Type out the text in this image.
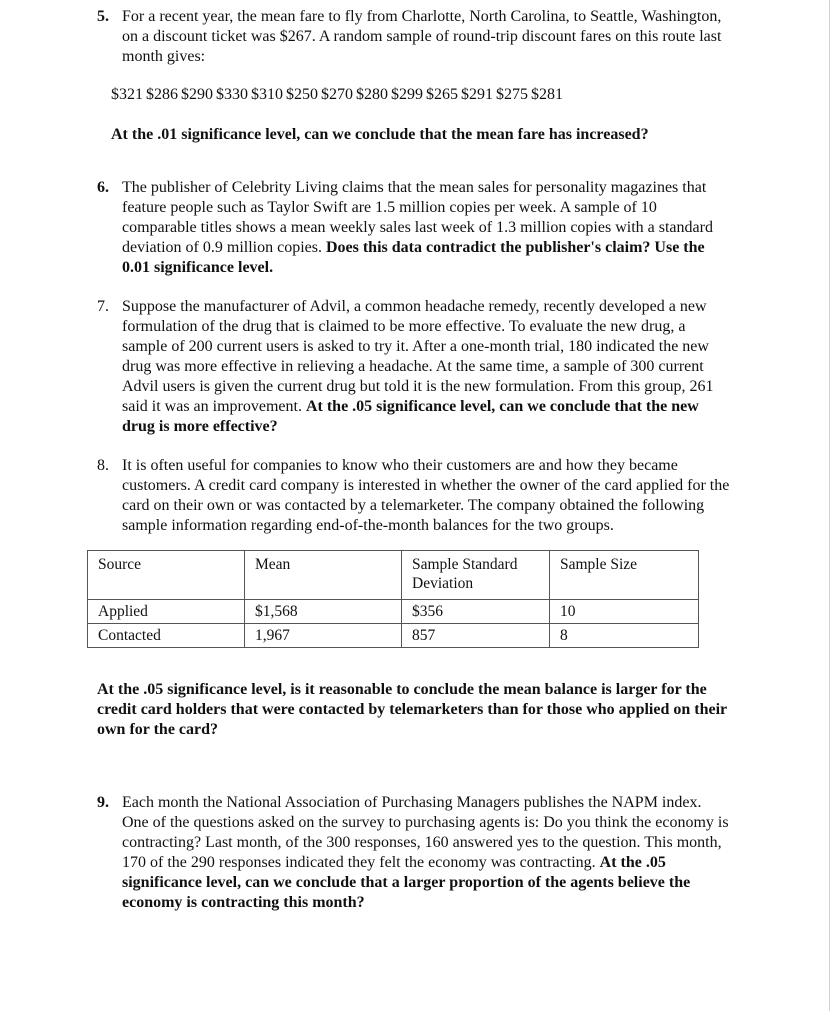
5. For a recent year, the mean fare to fly from Charlotte, North Carolina, to Seattle, Washington, on a discount ticket was $267. A random sample of round-trip discount fares on this route last month gives:
$321 $286 $290 $330 $310 $250 $270 $280 $299 $265 $291 $275 $281
At the .01 significance level, can we conclude that the mean fare has increased?
6. The publisher of Celebrity Living claims that the mean sales for personality magazines that feature people such as Taylor Swift are 1.5 million copies per week. A sample of 10 comparable titles shows a mean weekly sales last week of 1.3 million copies with a standard deviation of 0.9 million copies. Does this data contradict the publisher's claim? Use the 0.01 significance level.
7. Suppose the manufacturer of Advil, a common headache remedy, recently developed a new formulation of the drug that is claimed to be more effective. To evaluate the new drug, a sample of 200 current users is asked to try it. After a one-month trial, 180 indicated the new drug was more effective in relieving a headache. At the same time, a sample of 300 current Advil users is given the current drug but told it is the new formulation. From this group, 261 said it was an improvement. At the .05 significance level, can we conclude that the new drug is more effective?
8. It is often useful for companies to know who their customers are and how they became customers. A credit card company is interested in whether the owner of the card applied for the card on their own or was contacted by a telemarketer. The company obtained the following sample information regarding end-of-the-month balances for the two groups.
Source	Mean	Sample Standard Deviation	Sample Size
Applied	$1,568	$356	10
Contacted	1,967	857	8
At the .05 significance level, is it reasonable to conclude the mean balance is larger for the credit card holders that were contacted by telemarketers than for those who applied on their own for the card?
9. Each month the National Association of Purchasing Managers publishes the NAPM index. One of the questions asked on the survey to purchasing agents is: Do you think the economy is contracting? Last month, of the 300 responses, 160 answered yes to the question. This month, 170 of the 290 responses indicated they felt the economy was contracting. At the .05 significance level, can we conclude that a larger proportion of the agents believe the economy is contracting this month?
